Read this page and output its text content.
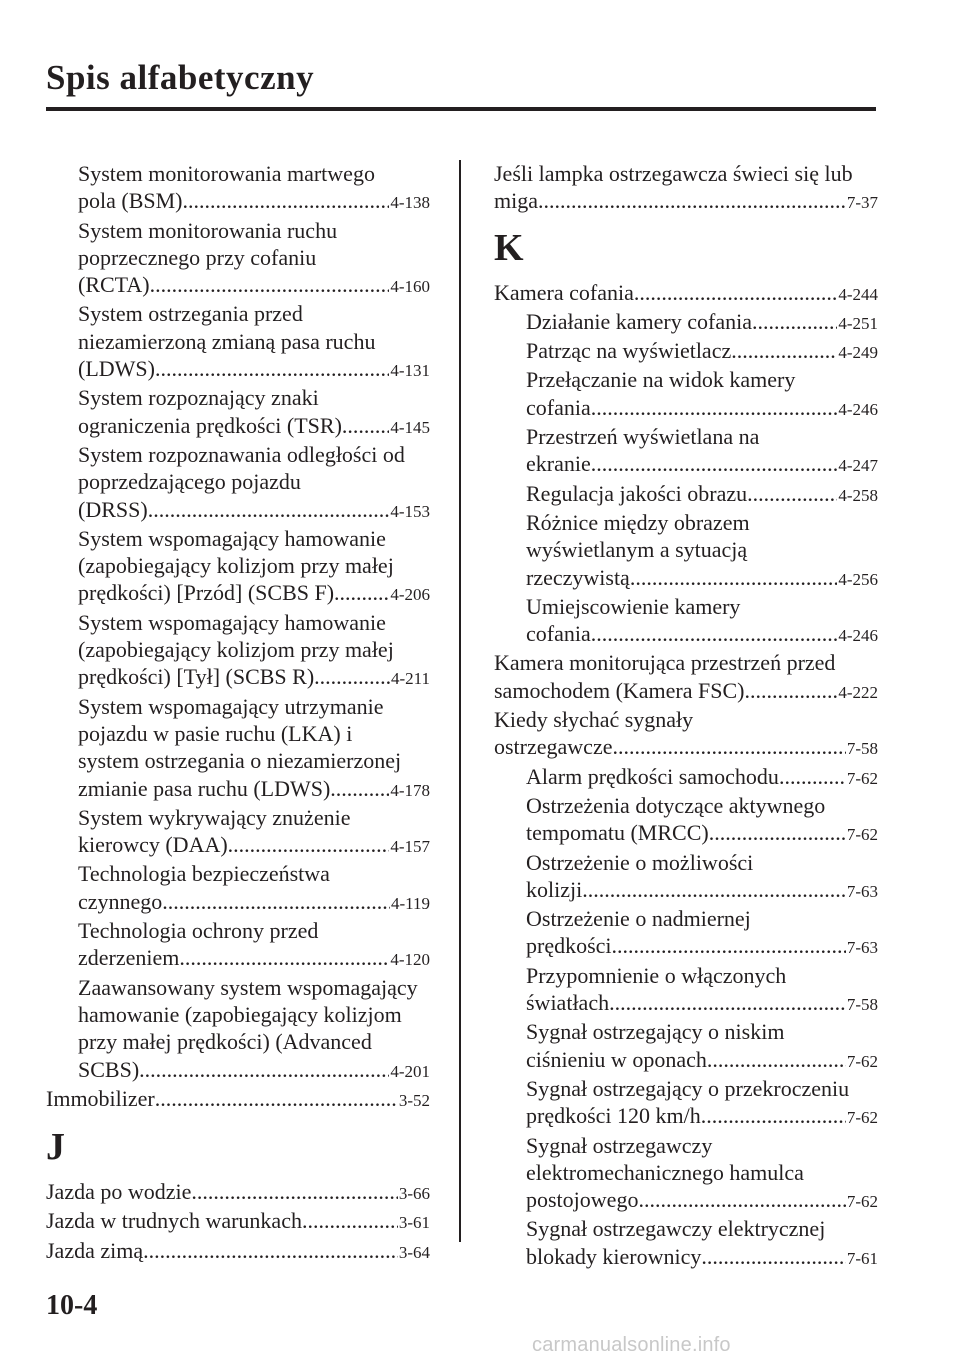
Spis alfabetyczny
System monitorowania martwego
pola (BSM) .....	4-138
System monitorowania ruchu
poprzecznego przy cofaniu
(RCTA) .....	4-160
System ostrzegania przed
niezamierzoną zmianą pasa ruchu
(LDWS) .....	4-131
System rozpoznający znaki
ograniczenia prędkości (TSR) .....	4-145
System rozpoznawania odległości od
poprzedzającego pojazdu
(DRSS) .....	4-153
System wspomagający hamowanie
(zapobiegający kolizjom przy małej
prędkości) [Przód] (SCBS F) .....	4-206
System wspomagający hamowanie
(zapobiegający kolizjom przy małej
prędkości) [Tył] (SCBS R) .....	4-211
System wspomagający utrzymanie
pojazdu w pasie ruchu (LKA) i
system ostrzegania o niezamierzonej
zmianie pasa ruchu (LDWS) .....	4-178
System wykrywający znużenie
kierowcy (DAA) .....	4-157
Technologia bezpieczeństwa
czynnego .....	4-119
Technologia ochrony przed
zderzeniem .....	4-120
Zaawansowany system wspomagający
hamowanie (zapobiegający kolizjom
przy małej prędkości) (Advanced
SCBS) .....	4-201
Immobilizer .....	3-52
J
Jazda po wodzie .....	3-66
Jazda w trudnych warunkach .....	3-61
Jazda zimą .....	3-64
Jeśli lampka ostrzegawcza świeci się lub
miga .....	7-37
K
Kamera cofania .....	4-244
Działanie kamery cofania .....	4-251
Patrząc na wyświetlacz .....	4-249
Przełączanie na widok kamery
cofania .....	4-246
Przestrzeń wyświetlana na
ekranie .....	4-247
Regulacja jakości obrazu .....	4-258
Różnice między obrazem
wyświetlanym a sytuacją
rzeczywistą .....	4-256
Umiejscowienie kamery
cofania .....	4-246
Kamera monitorująca przestrzeń przed
samochodem (Kamera FSC) .....	4-222
Kiedy słychać sygnały
ostrzegawcze .....	7-58
Alarm prędkości samochodu .....	7-62
Ostrzeżenia dotyczące aktywnego
tempomatu (MRCC) .....	7-62
Ostrzeżenie o możliwości
kolizji .....	7-63
Ostrzeżenie o nadmiernej
prędkości .....	7-63
Przypomnienie o włączonych
światłach .....	7-58
Sygnał ostrzegający o niskim
ciśnieniu w oponach .....	7-62
Sygnał ostrzegający o przekroczeniu
prędkości 120 km/h .....	7-62
Sygnał ostrzegawczy
elektromechanicznego hamulca
postojowego .....	7-62
Sygnał ostrzegawczy elektrycznej
blokady kierownicy .....	7-61
10-4
carmanualsonline.info
